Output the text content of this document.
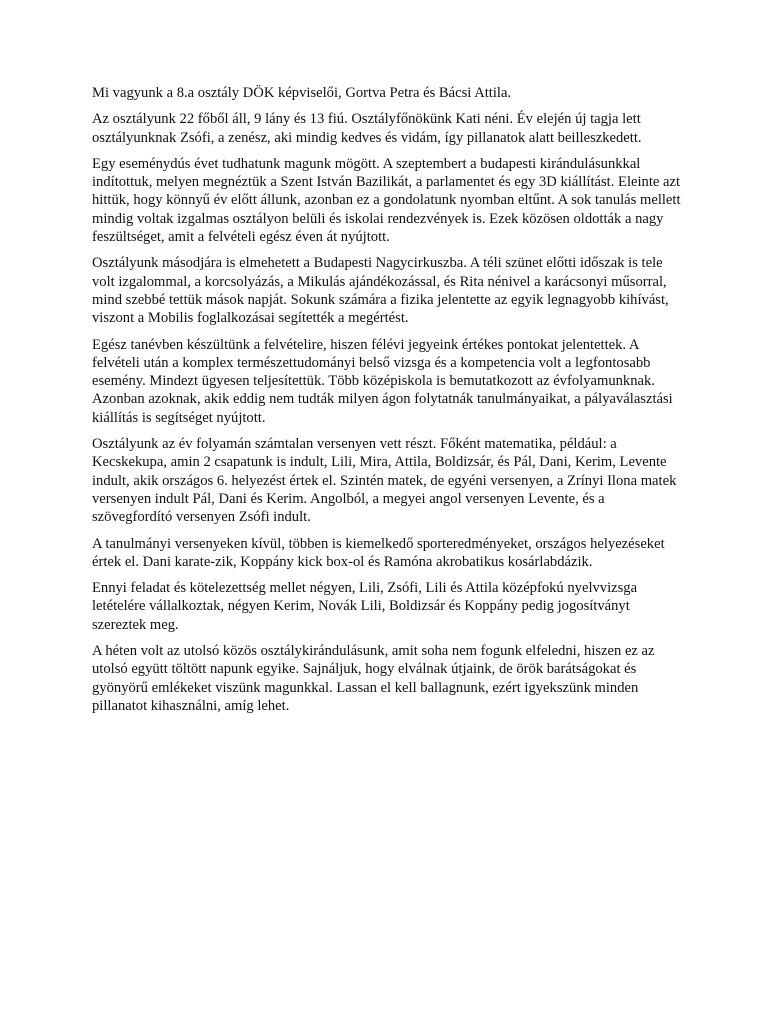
Mi vagyunk a 8.a osztály DÖK képviselői, Gortva Petra és Bácsi Attila.

Az osztályunk 22 főből áll, 9 lány és 13 fiú. Osztályfőnökünk Kati néni. Év elején új tagja lett osztályunknak Zsófi, a zenész, aki mindig kedves és vidám, így pillanatok alatt beilleszkedett.

Egy eseménydús évet tudhatunk magunk mögött. A szeptembert a budapesti kirándulásunkkal indítottuk, melyen megnéztük a Szent István Bazilikát, a parlamentet és egy 3D kiállítást. Eleinte azt hittük, hogy könnyű év előtt állunk, azonban ez a gondolatunk nyomban eltűnt. A sok tanulás mellett mindig voltak izgalmas osztályon belüli és iskolai rendezvények is. Ezek közösen oldották a nagy feszültséget, amit a felvételi egész éven át nyújtott.

Osztályunk másodjára is elmehetett a Budapesti Nagycirkuszba. A téli szünet előtti időszak is tele volt izgalommal, a korcsolyázás, a Mikulás ajándékozással, és Rita nénivel a karácsonyi műsorral, mind szebbé tettük mások napját. Sokunk számára a fizika jelentette az egyik legnagyobb kihívást, viszont a Mobilis foglalkozásai segítették a megértést.

Egész tanévben készültünk a felvételire, hiszen félévi jegyeink értékes pontokat jelentettek. A felvételi után a komplex természettudományi belső vizsga és a kompetencia volt a legfontosabb esemény. Mindezt ügyesen teljesítettük. Több középiskola is bemutatkozott az évfolyamunknak. Azonban azoknak, akik eddig nem tudták milyen ágon folytatnák tanulmányaikat, a pályaválasztási kiállítás is segítséget nyújtott.

Osztályunk az év folyamán számtalan versenyen vett részt. Főként matematika, például: a Kecskekupa, amin 2 csapatunk is indult, Lili, Mira, Attila, Boldizsár, és Pál, Dani, Kerim, Levente indult, akik országos 6. helyezést értek el. Szintén matek, de egyéni versenyen, a Zrínyi Ilona matek versenyen indult Pál, Dani és Kerim. Angolból, a megyei angol versenyen Levente, és a szövegfordító versenyen Zsófi indult.

A tanulmányi versenyeken kívül, többen is kiemelkedő sporteredményeket, országos helyezéseket értek el. Dani karate-zik, Koppány kick box-ol és Ramóna akrobatikus kosárlabdázik.

Ennyi feladat és kötelezettség mellet négyen, Lili, Zsófi, Lili és Attila középfokú nyelvvizsga letételére vállalkoztak, négyen Kerim, Novák Lili, Boldizsár és Koppány pedig jogosítványt szereztek meg.

A héten volt az utolsó közös osztálykirándulásunk, amit soha nem fogunk elfeledni, hiszen ez az utolsó együtt töltött napunk egyike. Sajnáljuk, hogy elválnak útjaink, de örök barátságokat és gyönyörű emlékeket viszünk magunkkal. Lassan el kell ballagnunk, ezért igyekszünk minden pillanatot kihasználni, amíg lehet.
